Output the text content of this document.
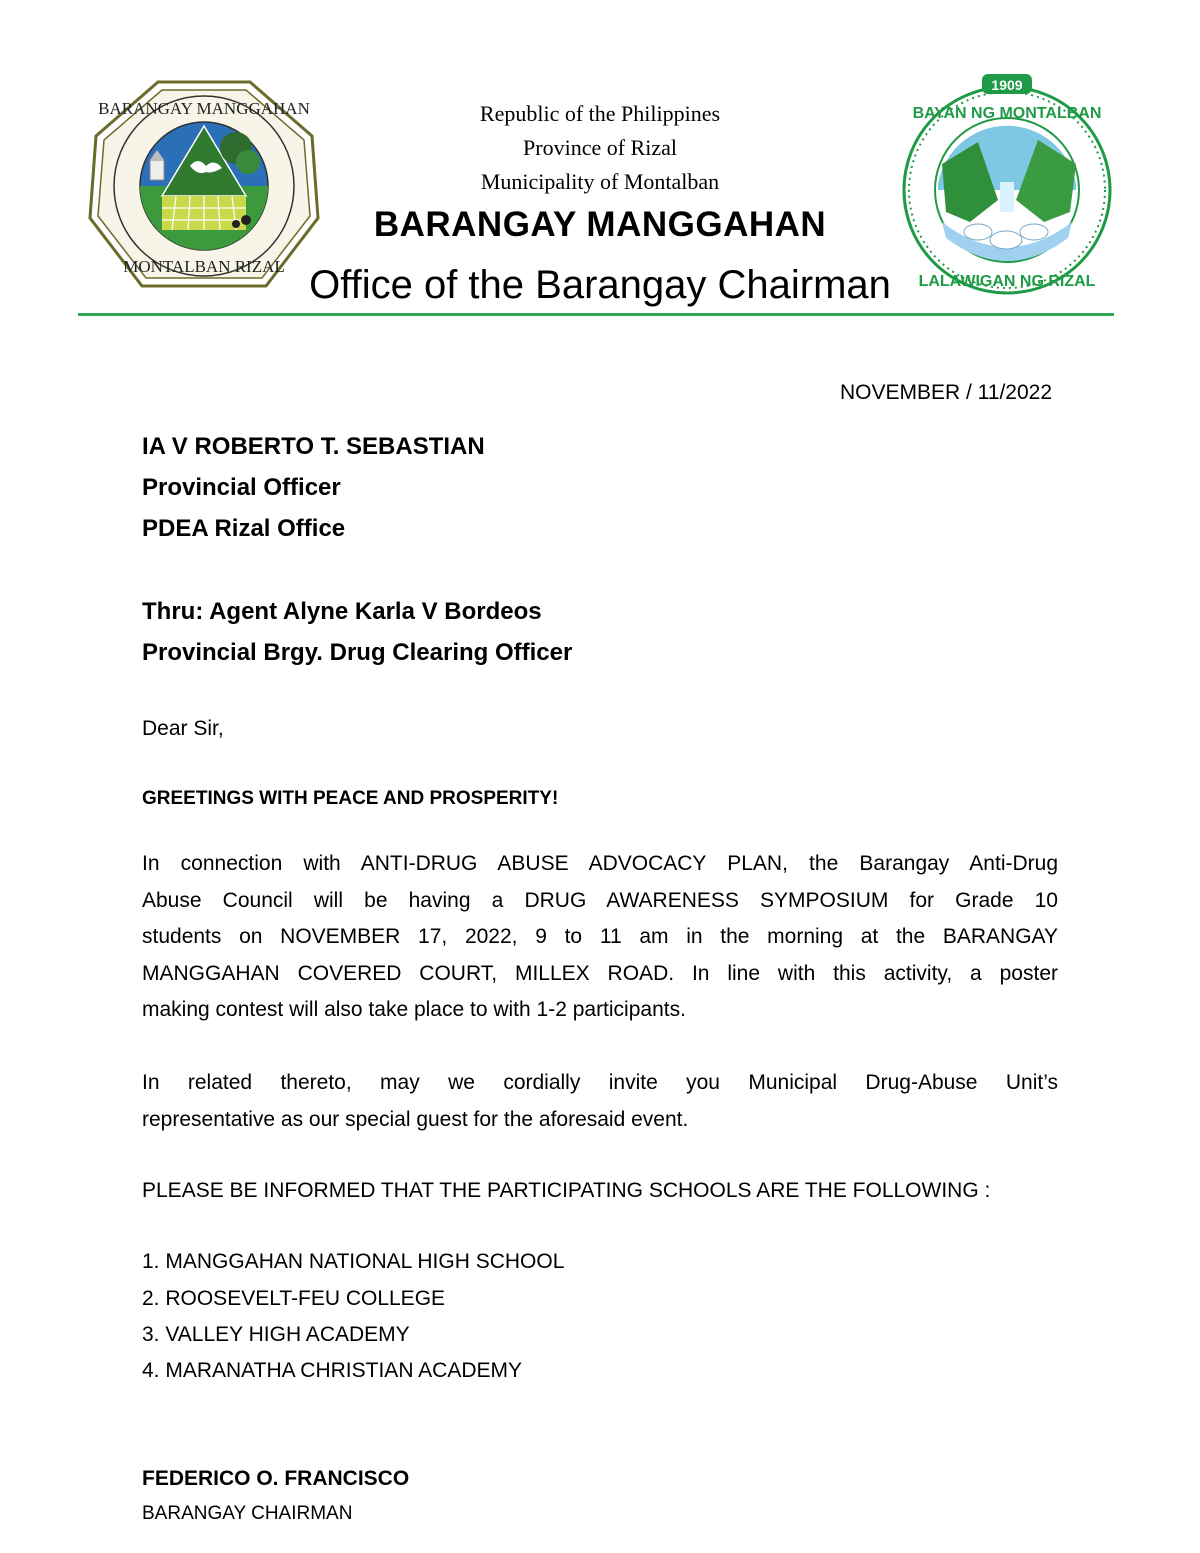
BARANGAY MANGGAHAN
MONTALBAN RIZAL
1909
BAYAN NG MONTALBAN
LALAWIGAN NG RIZAL
Republic of the Philippines
Province of Rizal
Municipality of Montalban
BARANGAY MANGGAHAN
Office of the Barangay Chairman
NOVEMBER / 11/2022
IA V ROBERTO T. SEBASTIAN
Provincial Officer
PDEA Rizal Office
Thru: Agent Alyne Karla V Bordeos
Provincial Brgy. Drug Clearing Officer
Dear Sir,
GREETINGS WITH PEACE AND PROSPERITY!
In connection with ANTI-DRUG ABUSE ADVOCACY PLAN, the Barangay Anti-Drug
Abuse Council will be having a DRUG AWARENESS SYMPOSIUM for Grade 10
students on NOVEMBER 17, 2022, 9 to 11 am in the morning at the BARANGAY
MANGGAHAN COVERED COURT, MILLEX ROAD. In line with this activity, a poster
making contest will also take place to with 1-2 participants.
In related thereto, may we cordially invite you Municipal Drug-Abuse Unit’s
representative as our special guest for the aforesaid event.
PLEASE BE INFORMED THAT THE PARTICIPATING SCHOOLS ARE THE FOLLOWING :
1. MANGGAHAN NATIONAL HIGH SCHOOL
2. ROOSEVELT-FEU COLLEGE
3. VALLEY HIGH ACADEMY
4. MARANATHA CHRISTIAN ACADEMY
FEDERICO O. FRANCISCO
BARANGAY CHAIRMAN
